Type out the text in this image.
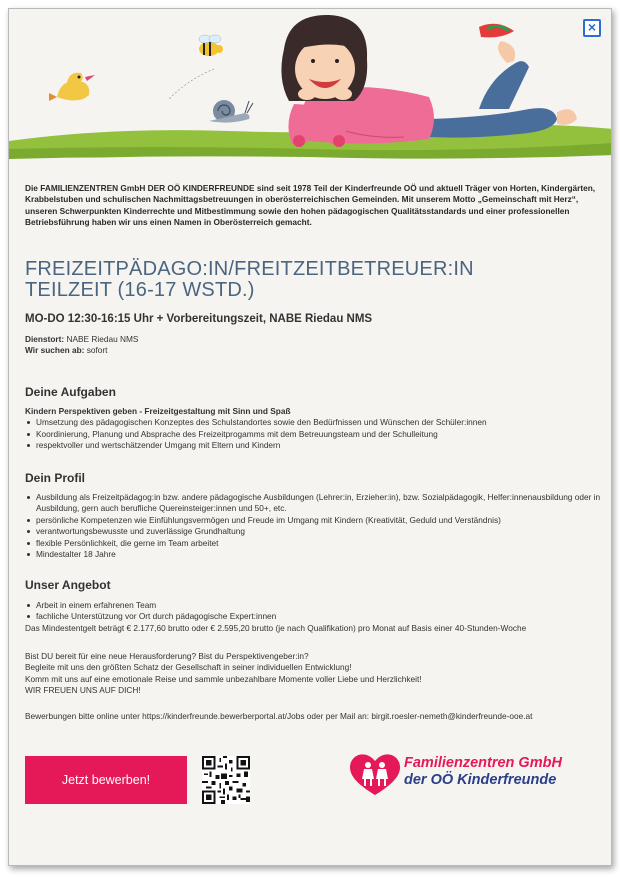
×

Die FAMILIENZENTREN GmbH DER OÖ KINDERFREUNDE sind seit 1978 Teil der Kinderfreunde OÖ und aktuell Träger von Horten, Kindergärten, Krabbelstuben und schulischen Nachmittagsbetreuungen in oberösterreichischen Gemeinden. Mit unserem Motto „Gemeinschaft mit Herz“, unseren Schwerpunkten Kinderrechte und Mitbestimmung sowie den hohen pädagogischen Qualitätsstandards und einer professionellen Betriebsführung haben wir uns einen Namen in Oberösterreich gemacht.

FREIZEITPÄDAGO:IN/FREITZEITBETREUER:IN
TEILZEIT (16-17 WSTD.)
MO-DO 12:30-16:15 Uhr + Vorbereitungszeit, NABE Riedau NMS
Dienstort: NABE Riedau NMS
Wir suchen ab: sofort
Deine Aufgaben
Kindern Perspektiven geben - Freizeitgestaltung mit Sinn und Spaß
Umsetzung des pädagogischen Konzeptes des Schulstandortes sowie den Bedürfnissen und Wünschen der Schüler:innen
Koordinierung, Planung und Absprache des Freizeitprogamms mit dem Betreuungsteam und der Schulleitung
respektvoller und wertschätzender Umgang mit Eltern und Kindern
Dein Profil
Ausbildung als Freizeitpädagog:in bzw. andere pädagogische Ausbildungen (Lehrer:in, Erzieher:in), bzw. Sozialpädagogik, Helfer:innenausbildung oder in Ausbildung, gern auch berufliche Quereinsteiger:innen und 50+, etc.
persönliche Kompetenzen wie Einfühlungsvermögen und Freude im Umgang mit Kindern (Kreativität, Geduld und Verständnis)
verantwortungsbewusste und zuverlässige Grundhaltung
flexible Persönlichkeit, die gerne im Team arbeitet
Mindestalter 18 Jahre
Unser Angebot
Arbeit in einem erfahrenen Team
fachliche Unterstützung vor Ort durch pädagogische Expert:innen
Das Mindestentgelt beträgt € 2.177,60 brutto oder € 2.595,20 brutto (je nach Qualifikation) pro Monat auf Basis einer 40-Stunden-Woche
Bist DU bereit für eine neue Herausforderung? Bist du Perspektivengeber:in?
Begleite mit uns den größten Schatz der Gesellschaft in seiner individuellen Entwicklung!
Komm mit uns auf eine emotionale Reise und sammle unbezahlbare Momente voller Liebe und Herzlichkeit!
WIR FREUEN UNS AUF DICH!
Bewerbungen bitte online unter https://kinderfreunde.bewerberportal.at/Jobs oder per Mail an: birgit.roesler-nemeth@kinderfreunde-ooe.at
Jetzt bewerben!
Familienzentren GmbH
der OÖ Kinderfreunde
